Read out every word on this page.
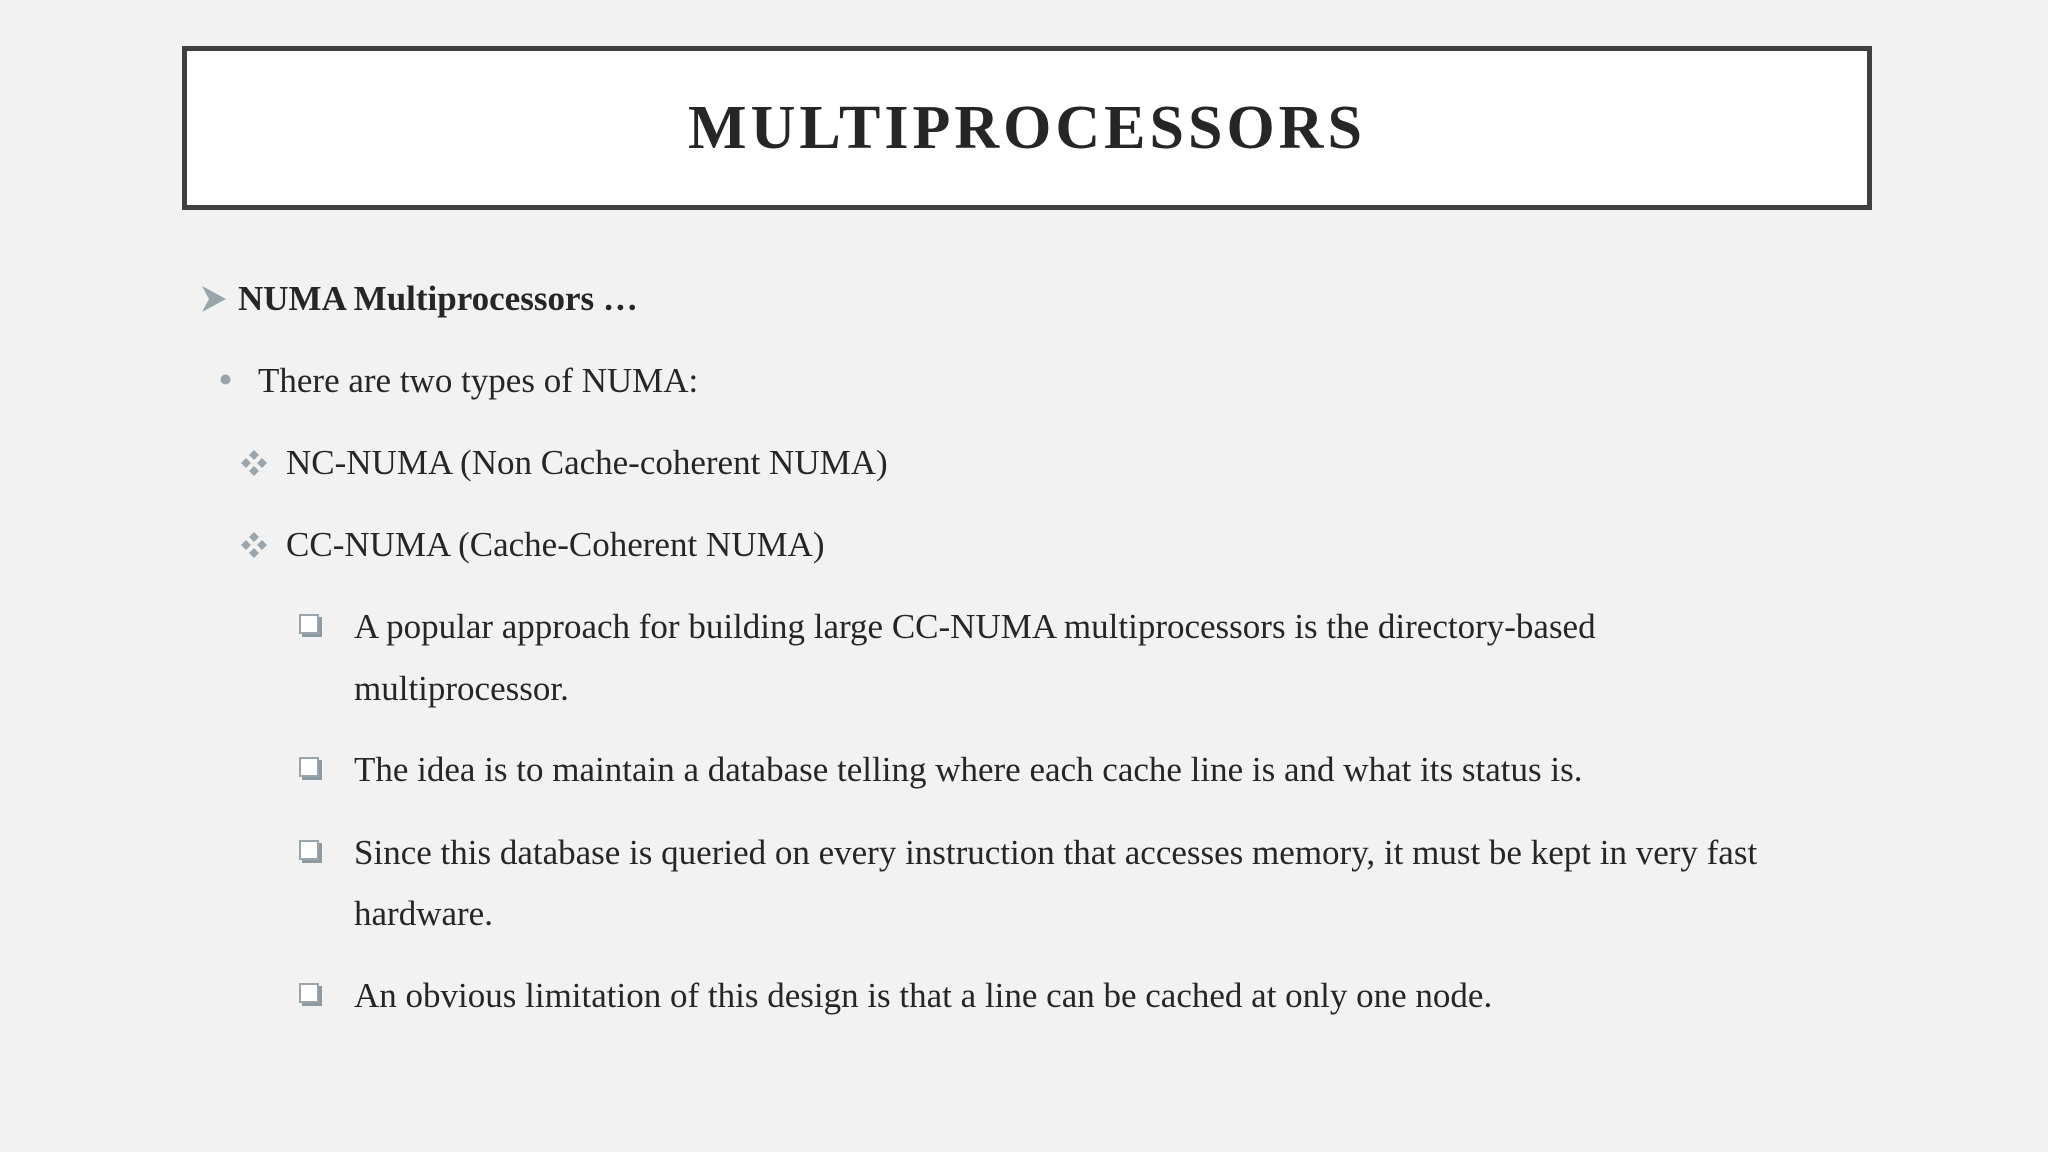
MULTIPROCESSORS
NUMA Multiprocessors …
There are two types of NUMA:
NC-NUMA (Non Cache-coherent NUMA)
CC-NUMA (Cache-Coherent NUMA)
A popular approach for building large CC-NUMA multiprocessors is the directory-based
multiprocessor.
The idea is to maintain a database telling where each cache line is and what its status is.
Since this database is queried on every instruction that accesses memory, it must be kept in very fast
hardware.
An obvious limitation of this design is that a line can be cached at only one node.
